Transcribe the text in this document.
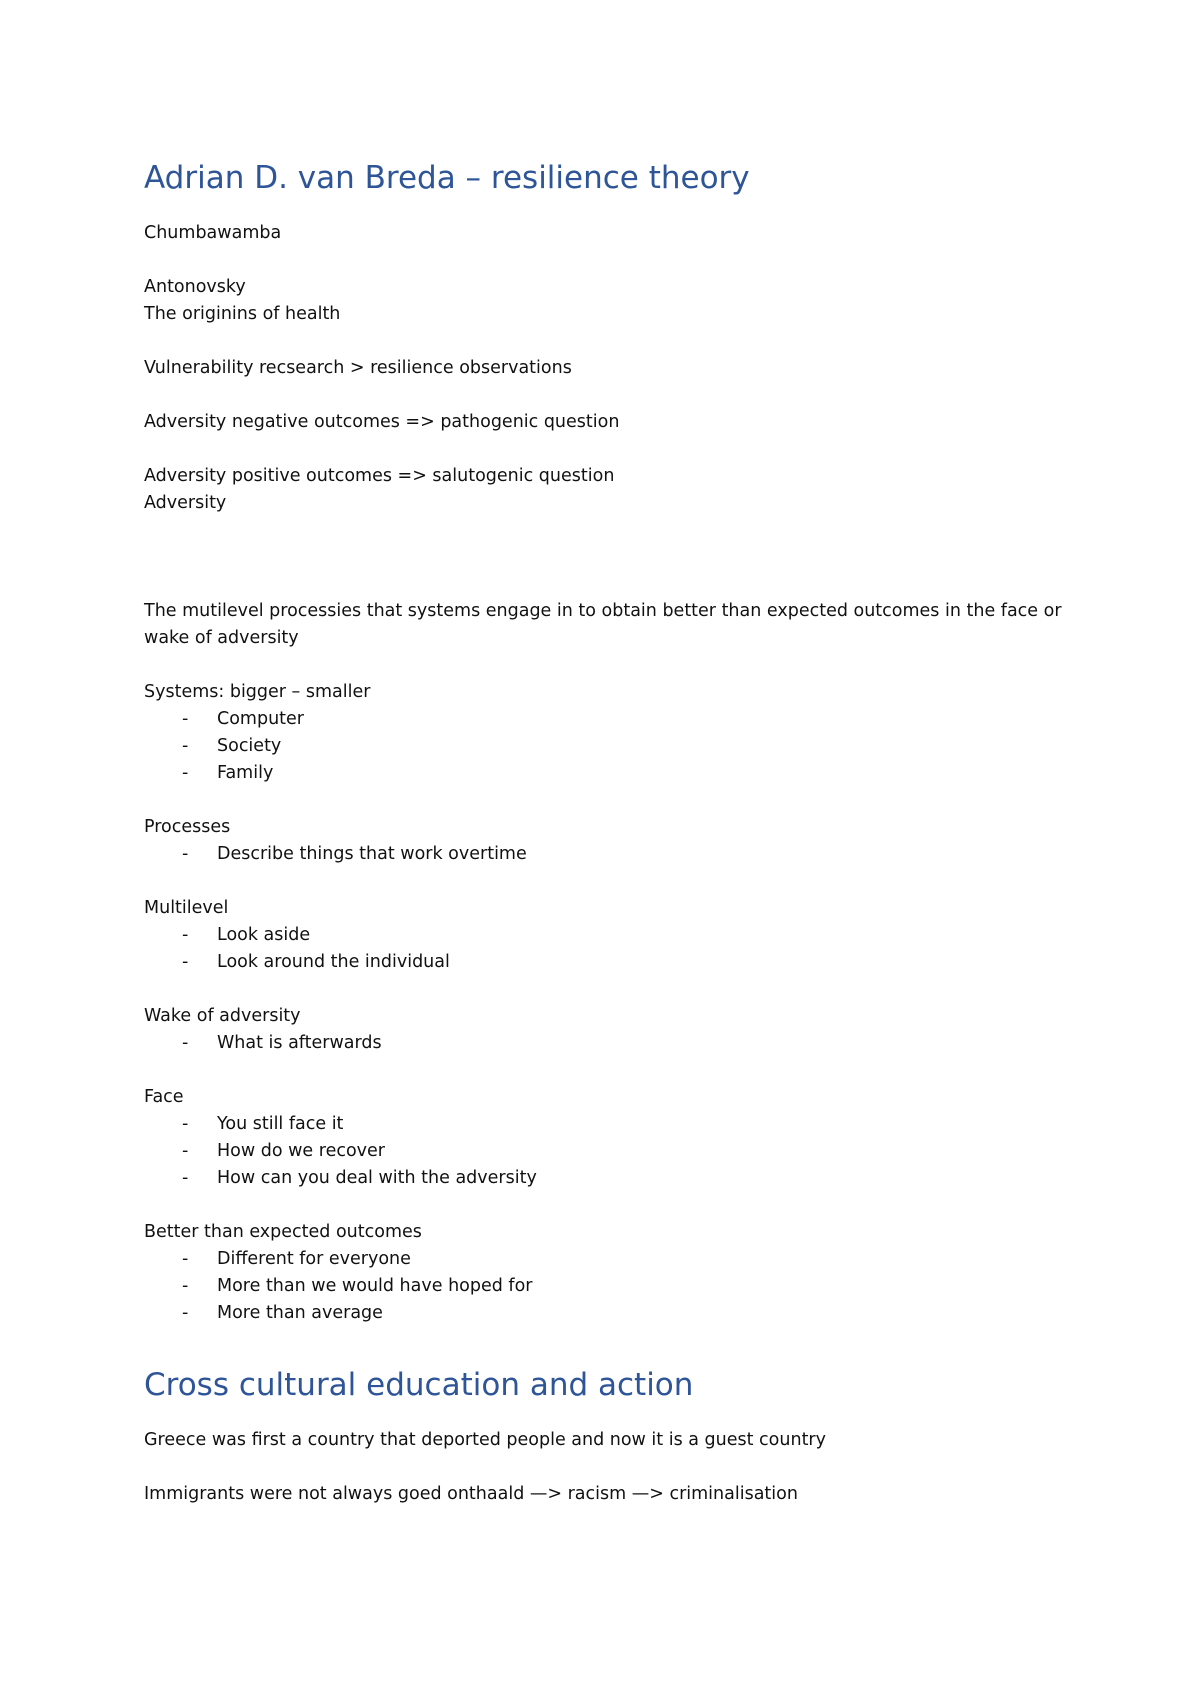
Adrian D. van Breda – resilience theory

Chumbawamba

Antonovsky

The originins of health

Vulnerability recsearch > resilience observations

Adversity negative outcomes => pathogenic question

Adversity positive outcomes => salutogenic question

Adversity

The mutilevel processies that systems engage in to obtain better than expected outcomes in the face or wake of adversity

Systems: bigger – smaller

- Computer
- Society
- Family

Processes

- Describe things that work overtime

Multilevel

- Look aside
- Look around the individual

Wake of adversity

- What is afterwards

Face

- You still face it
- How do we recover
- How can you deal with the adversity

Better than expected outcomes

- Different for everyone
- More than we would have hoped for
- More than average
Cross cultural education and action

Greece was first a country that deported people and now it is a guest country

Immigrants were not always goed onthaald —> racism —> criminalisation
